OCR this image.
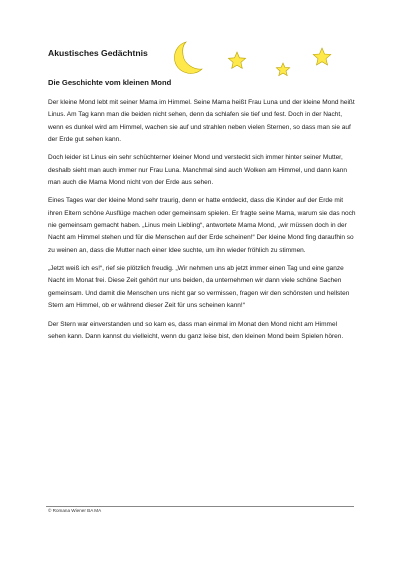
Akustisches Gedächtnis
Die Geschichte vom kleinen Mond

Der kleine Mond lebt mit seiner Mama im Himmel. Seine Mama heißt Frau Luna und der kleine Mond heißt Linus. Am Tag kann man die beiden nicht sehen, denn da schlafen sie tief und fest. Doch in der Nacht, wenn es dunkel wird am Himmel, wachen sie auf und strahlen neben vielen Sternen, so dass man sie auf der Erde gut sehen kann.

Doch leider ist Linus ein sehr schüchterner kleiner Mond und versteckt sich immer hinter seiner Mutter, deshalb sieht man auch immer nur Frau Luna. Manchmal sind auch Wolken am Himmel, und dann kann man auch die Mama Mond nicht von der Erde aus sehen.

Eines Tages war der kleine Mond sehr traurig, denn er hatte entdeckt, dass die Kinder auf der Erde mit ihren Eltern schöne Ausflüge machen oder gemeinsam spielen. Er fragte seine Mama, warum sie das noch nie gemeinsam gemacht haben. „Linus mein Liebling“, antwortete Mama Mond, „wir müssen doch in der Nacht am Himmel stehen und für die Menschen auf der Erde scheinen!“ Der kleine Mond fing daraufhin so zu weinen an, dass die Mutter nach einer Idee suchte, um ihn wieder fröhlich zu stimmen.

„Jetzt weiß ich es!“, rief sie plötzlich freudig. „Wir nehmen uns ab jetzt immer einen Tag und eine ganze Nacht im Monat frei. Diese Zeit gehört nur uns beiden, da unternehmen wir dann viele schöne Sachen gemeinsam. Und damit die Menschen uns nicht gar so vermissen, fragen wir den schönsten und hellsten Stern am Himmel, ob er während dieser Zeit für uns scheinen kann!“

Der Stern war einverstanden und so kam es, dass man einmal im Monat den Mond nicht am Himmel sehen kann. Dann kannst du vielleicht, wenn du ganz leise bist, den kleinen Mond beim Spielen hören.

© Romana Wiener BA MA
